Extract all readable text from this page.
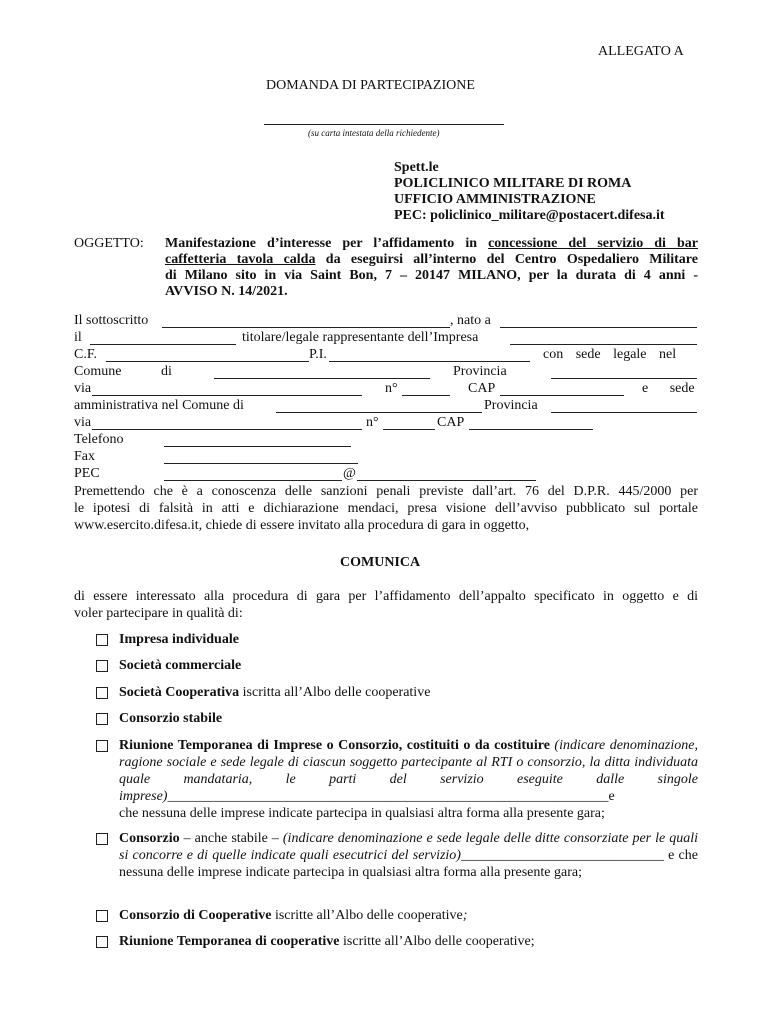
ALLEGATO A
DOMANDA DI PARTECIPAZIONE
(su carta intestata della richiedente)
Spett.le
POLICLINICO MILITARE DI ROMA
UFFICIO AMMINISTRAZIONE
PEC: policlinico_militare@postacert.difesa.it
OGGETTO: Manifestazione d’interesse per l’affidamento in concessione del servizio di bar
caffetteria tavola calda da eseguirsi all’interno del Centro Ospedaliero Militare
di Milano sito in via Saint Bon, 7 – 20147 MILANO, per la durata di 4 anni -
AVVISO N. 14/2021.
Il sottoscritto	, nato a
il	titolare/legale rappresentante dell’Impresa
C.F.	P.I.	con sede legale nel
Comune	di	Provincia
via	n°	CAP	e sede
amministrativa nel Comune di	Provincia
via	n°	CAP
Telefono
Fax
PEC	@
Premettendo che è a conoscenza delle sanzioni penali previste dall’art. 76 del D.P.R. 445/2000 per
le ipotesi di falsità in atti e dichiarazione mendaci, presa visione dell’avviso pubblicato sul portale
www.esercito.difesa.it, chiede di essere invitato alla procedura di gara in oggetto,
COMUNICA
di essere interessato alla procedura di gara per l’affidamento dell’appalto specificato in oggetto e di
voler partecipare in qualità di:
Impresa individuale
Società commerciale
Società Cooperativa iscritta all’Albo delle cooperative
Consorzio stabile
Riunione Temporanea di Imprese o Consorzio, costituiti o da costituire (indicare denominazione, ragione sociale e sede legale di ciascun soggetto partecipante al RTI o consorzio, la ditta individuata quale mandataria, le parti del servizio eseguite dalle singole imprese)_______________________________________________________________e
che nessuna delle imprese indicate partecipa in qualsiasi altra forma alla presente gara;
Consorzio – anche stabile – (indicare denominazione e sede legale delle ditte consorziate per le quali si concorre e di quelle indicate quali esecutrici del servizio)_____________________________ e che nessuna delle imprese indicate partecipa in qualsiasi altra forma alla presente gara;
Consorzio di Cooperative iscritte all’Albo delle cooperative;
Riunione Temporanea di cooperative iscritte all’Albo delle cooperative;
